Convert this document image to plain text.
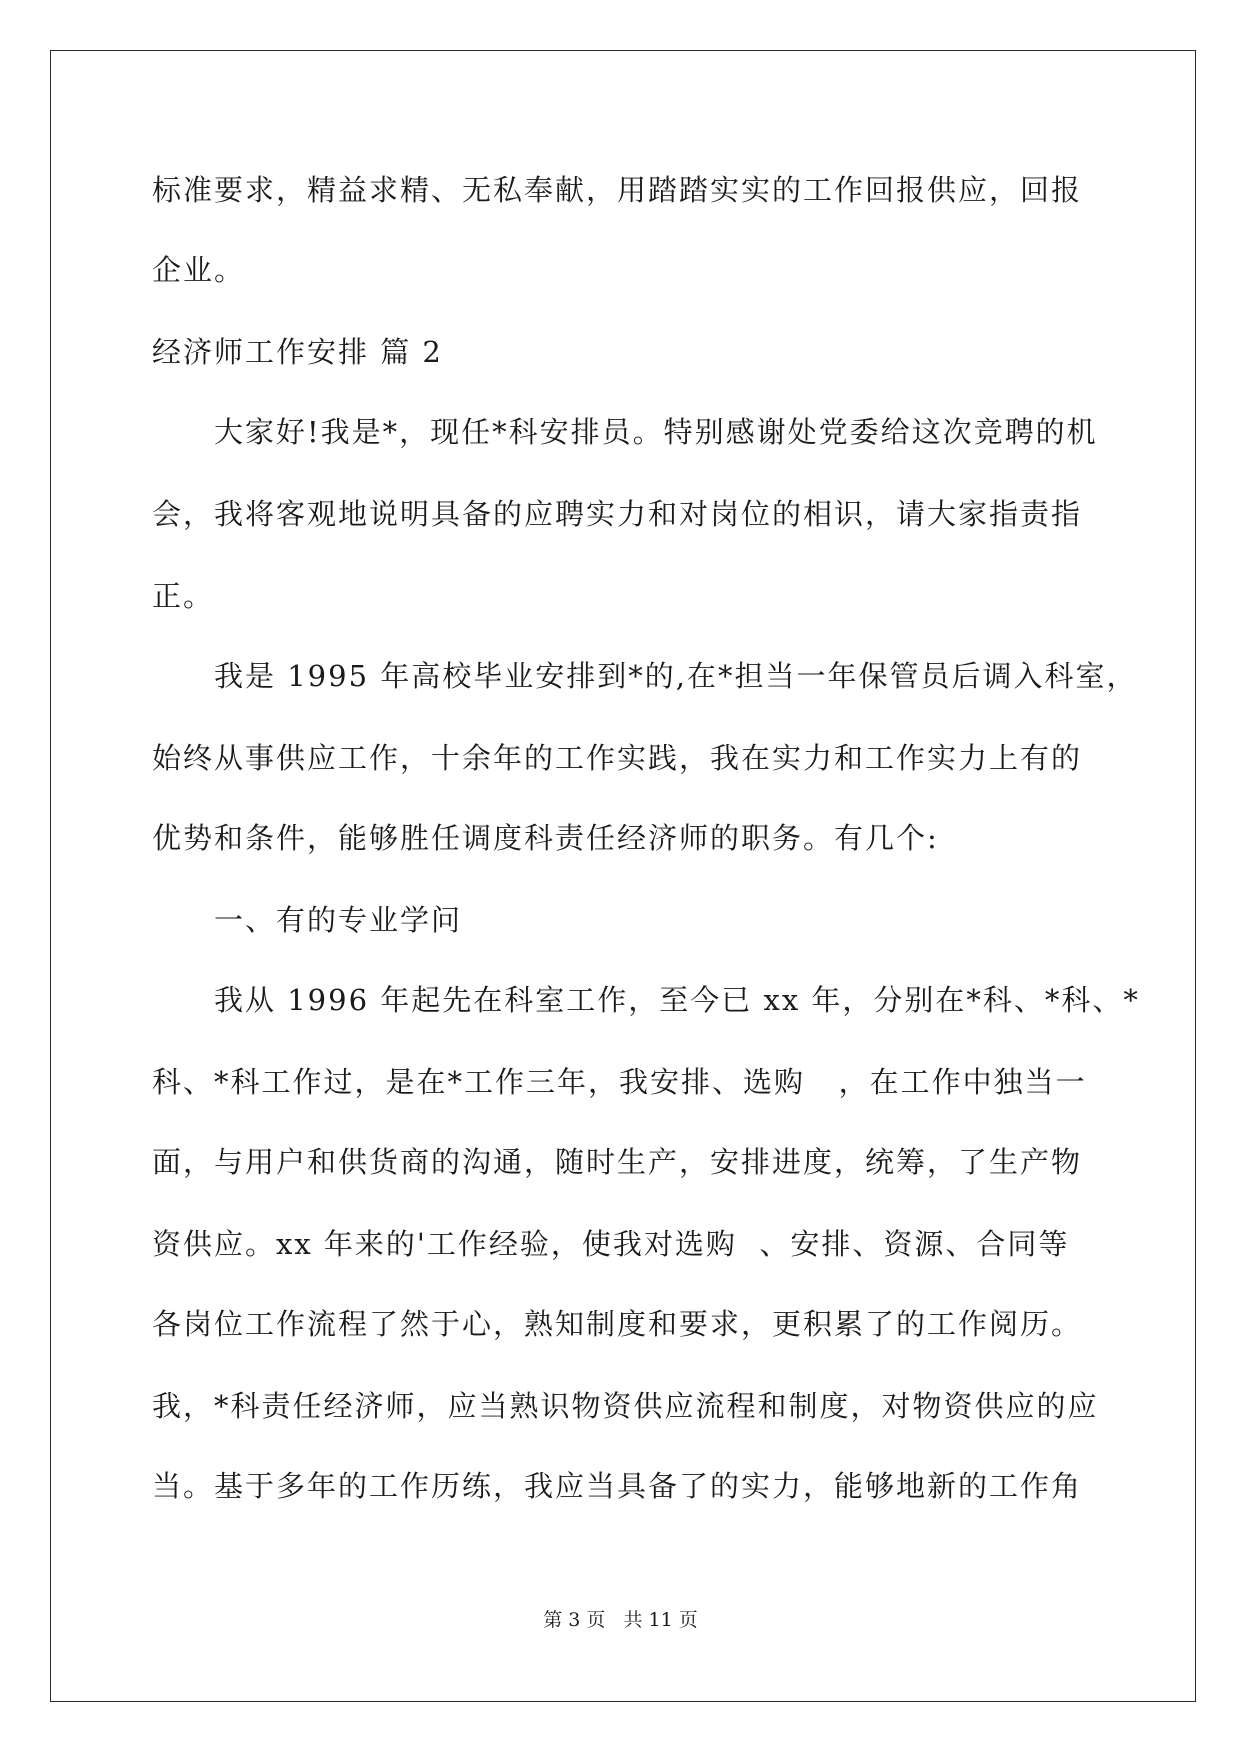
标准要求，精益求精、无私奉献，用踏踏实实的工作回报供应，回报
企业。
经济师工作安排 篇 2
大家好!我是*，现任*科安排员。特别感谢处党委给这次竞聘的机
会，我将客观地说明具备的应聘实力和对岗位的相识，请大家指责指
正。
我是 1995 年高校毕业安排到*的,在*担当一年保管员后调入科室，
始终从事供应工作，十余年的工作实践，我在实力和工作实力上有的
优势和条件，能够胜任调度科责任经济师的职务。有几个:
一、有的专业学问
我从 1996 年起先在科室工作，至今已 xx 年，分别在*科、*科、*
科、*科工作过，是在*工作三年，我安排、选购   ，在工作中独当一
面，与用户和供货商的沟通，随时生产，安排进度，统筹，了生产物
资供应。xx 年来的'工作经验，使我对选购  、安排、资源、合同等
各岗位工作流程了然于心，熟知制度和要求，更积累了的工作阅历。
我，*科责任经济师，应当熟识物资供应流程和制度，对物资供应的应
当。基于多年的工作历练，我应当具备了的实力，能够地新的工作角
第 3 页   共 11 页
